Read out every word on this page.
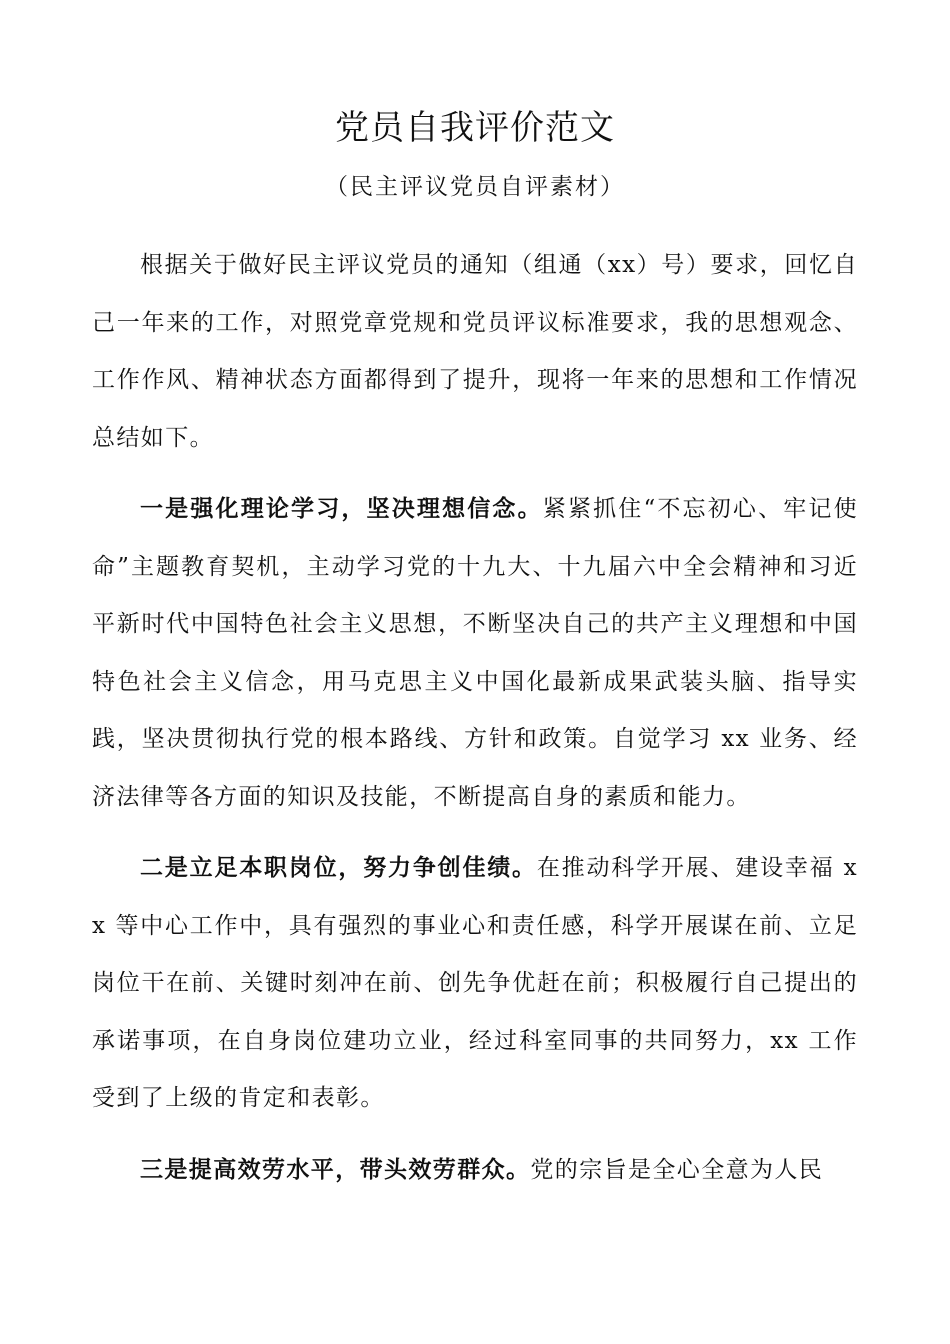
党员自我评价范文

（民主评议党员自评素材）

根据关于做好民主评议党员的通知（组通（xx）号）要求，回忆自己一年来的工作，对照党章党规和党员评议标准要求，我的思想观念、工作作风、精神状态方面都得到了提升，现将一年来的思想和工作情况总结如下。

一是强化理论学习，坚决理想信念。紧紧抓住“不忘初心、牢记使命”主题教育契机，主动学习党的十九大、十九届六中全会精神和习近平新时代中国特色社会主义思想，不断坚决自己的共产主义理想和中国特色社会主义信念，用马克思主义中国化最新成果武装头脑、指导实践，坚决贯彻执行党的根本路线、方针和政策。自觉学习 xx 业务、经济法律等各方面的知识及技能，不断提高自身的素质和能力。

二是立足本职岗位，努力争创佳绩。在推动科学开展、建设幸福 xx 等中心工作中，具有强烈的事业心和责任感，科学开展谋在前、立足岗位干在前、关键时刻冲在前、创先争优赶在前；积极履行自己提出的承诺事项，在自身岗位建功立业，经过科室同事的共同努力，xx 工作受到了上级的肯定和表彰。

三是提高效劳水平，带头效劳群众。党的宗旨是全心全意为人民
